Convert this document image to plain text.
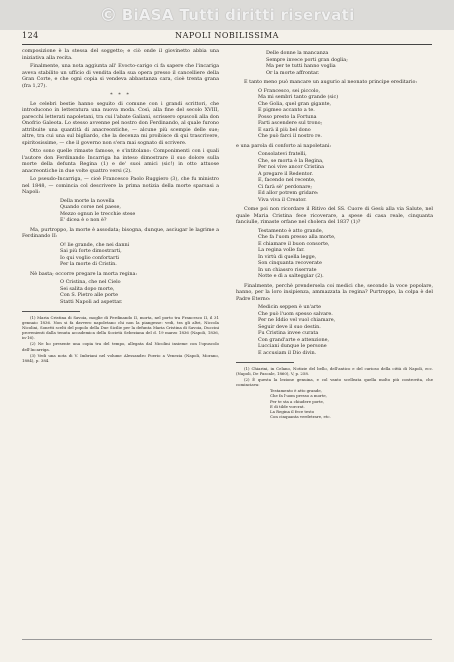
© BiASA Tutti diritti riservati
124	NAPOLI NOBILISSIMA

composizione è la stessa del soggetto; e ciò onde il giovinetto abbia una iniziativa alla recita.

Finalmente, una nota aggiunta all' Evocto-carigo ci fa sapere che l'incariga aveva stabilito un ufficio di vendita della sua opera presso il cancelliere della Gran Corte, e che ogni copia si vendeva abbastanza cara, cioè trenta grana (fra 1,27).

* * *

Le celebri bestie hanno seguito di comune con i grandi scrittori, che introducono in letteratura una nuova moda. Così, alla fine del secolo XVIII, parecchi letterati napoletani, tra cui l'abate Galiani, scrissero opuscoli alla don Onofrio Galeota. Lo stesso avvenne pel nostro don Ferdinando, al quale furono attribuite una quantità di anacreontiche, — alcune più scempie delle sue; altre, tra cui una sul bigliardo, che la decenza mi proibisce di qui trascrivere, spiritosissime, — che il governo non s'era mai sognato di scrivere.

Otto sono quelle rimaste famose, e s'intitolano: Componimenti con i quali l'autore don Ferdinando Incarriga ha inteso dimostrare il suo dolore sulla morte della defunta Regina (1) e de' suoi amici (sic!) in otto attuose anacreontiche in due volte quattro versi (2).

Lo pseudo-Incarriga, — cioè Francesco Paolo Ruggiero (3), che fu ministro nel 1848, — comincia col descrivere la prima notizia della morte sparsasi a Napoli:

Della morte la novella
Quando corse nel paese,
Mezzo ognun le trecchie stese
E' dicea è o non è?

Ma, purtroppo, la morte è assodata; bisogna, dunque, asciugar le lagrime a Ferdinando II:

O! lie grande, che nei danni
Sai più forte dimostrarti,
Io qui voglio confortarti
Per la morte di Cristin.

Nè basta; occorre pregare la morta regina:

O Cristina, che nel Cielo
Sei salita dopo morte,
Con S. Pietro alle porte
Statti Napoli ad aspettar.
(1) Maria Cristina di Savoia, moglie di Ferdinando II, morta, nel porto tra Francesco II, il 31 gennaio 1836. Non si fa davvero napoletano chi non la piangesse: vedi, tra gli altri, Niccola Nicolini, Sonetti scelti del popolo della Due Sicilie per la defunta Maria Cristina di Savoia, Duccini provenienti dalla tenuta accademica della Società Sebeziana del d. 19 marzo 1836 (Napoli, 1836, in-16).
(2) Ne ho presente una copia tra del tempo, allegata dal Nicolini insieme con l'opuscolo dell'Incarriga.
(3) Vedi una nota di V. Imbriani nel volume Alessandro Poerio a Venezia (Napoli, Morano, 1884), p. 384.
Delle donne la mancanza
Sempre invece porti gran doglia;
Ma per te tutti hanno voglia
Or la morte affrontar.

E tanto meno può mancare un augurio al neonato principe ereditario:

O Francesco, sei piccolo,
Ma mi sembri tanto grande (sic)
Che Golia, quel gran gigante,
E pigmeo accanto a te.
Posso presto la Fortuna
Farti ascendere sul trono;
E sarà il più bel dono
Che può farci il nostro re.

e una parola di conforto ai napoletani:

Consolatevi fratelli,
Che, se morta è la Regina,
Per noi vive ancor Cristina
A pregare il Redentor.
E, facendo nel recente,
Ci farà sè' perdonare;
Ed allor potrem gridare:
Viva viva il Creator.

Come poi non ricordare il Ritivo del SS. Cuore di Gesù alla via Salute, nel quale Maria Cristina fece ricoverare, a spese di casa reale, cinquanta fanciulle, rimaste orfane nel cholera del 1837 (1)?

Testamento è atto grande,
Che fa l'uom presso alla morte,
E chiamare il buon consorte,
La regina volle far.
In virtù di quella legge,
Son cinquanta recoverate
In un chiassro riserrate
Notte e dì a salteggiar (2).

Finalmente, perchè prendersela coi medici che, secondo la voce popolare, hanno, per la loro insipienza, ammazzata la regina? Purtroppo, la colpa è del Padre Eterno:

Medicin seppen è un'arte
Che può l'uom spesso salvare.
Per ne Iddio vel vuol chiamare,
Seguir deve il suo destin.
Fu Cristina invee curata
Con grand'arte e attenzione,
Lucciani dunque le persone
E accusiam il Dio divin.
(1) Chiarini, in Celano, Notizie del bello, dell'antico e del curioso della città di Napoli, ecc. (Napoli, De Pascale, 1860), V, p. 258.
(2) È questa la lezione genuina, e col vanto scelleata quella molto più controvita, che cominciava:
Testamento è atto grande,
Che fa l'uom presso a morte,
Per te sta a chiudere porte,
E di tilde vorcrat.
La Regina il fece testo
Con cinquanta verdetrare, etc.
